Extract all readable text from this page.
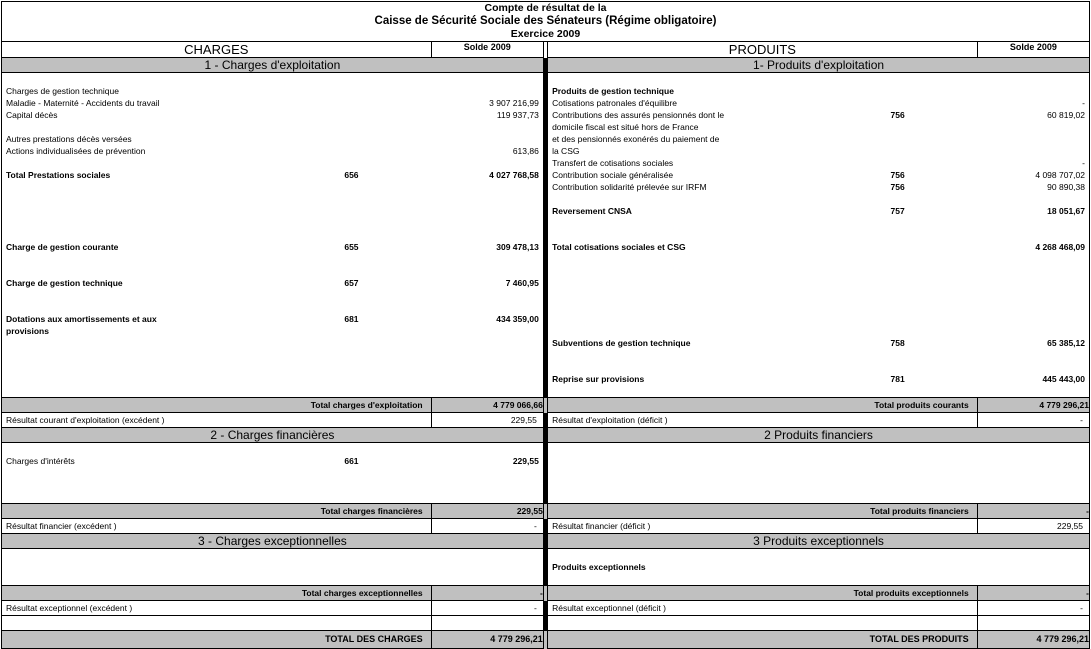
Compte de résultat de la
Caisse de Sécurité Sociale des Sénateurs (Régime obligatoire)
Exercice 2009

CHARGES	Solde 2009		PRODUITS	Solde 2009
1 - Charges d'exploitation		1- Produits d'exploitation

Charges de gestion technique		
Maladie - Maternité - Accidents du travail		3 907 216,99
Capital décès		119 937,73

Autres prestations décès versées		
Actions individualisées de prévention		613,86

Total Prestations sociales	656	4 027 768,58

Charge de gestion courante	655	309 478,13

Charge de gestion technique	657	7 460,95

Dotations aux amortissements et aux provisions	681	434 359,00

Produits de gestion technique		
Cotisations patronales d'équilibre		-
Contributions des assurés pensionnés dont le domicile fiscal est situé hors de France	756	60 819,02
et des pensionnés exonérés du paiement de la CSG		
Transfert de cotisations sociales		-
Contribution sociale généralisée	756	4 098 707,02
Contribution solidarité prélevée sur IRFM	756	90 890,38

Reversement CNSA	757	18 051,67

Total cotisations sociales et CSG		4 268 468,09

Subventions de gestion technique	758	65 385,12

Reprise sur provisions	781	445 443,00

Total charges d'exploitation	4 779 066,66		Total produits courants	4 779 296,21
Résultat courant d'exploitation (excédent )	229,55		Résultat d'exploitation (déficit )	-
2 - Charges financières		2 Produits financiers

Charges d'intérêts	661	229,55

Total charges financières	229,55		Total produits financiers	-
Résultat financier (excédent )	-		Résultat financier (déficit )	229,55
3 - Charges exceptionnelles		3 Produits exceptionnels

Produits exceptionnels		

Total charges exceptionnelles	-		Total produits exceptionnels	-
Résultat exceptionnel (excédent )	-		Résultat exceptionnel (déficit )	-

TOTAL DES CHARGES	4 779 296,21		TOTAL DES PRODUITS	4 779 296,21
